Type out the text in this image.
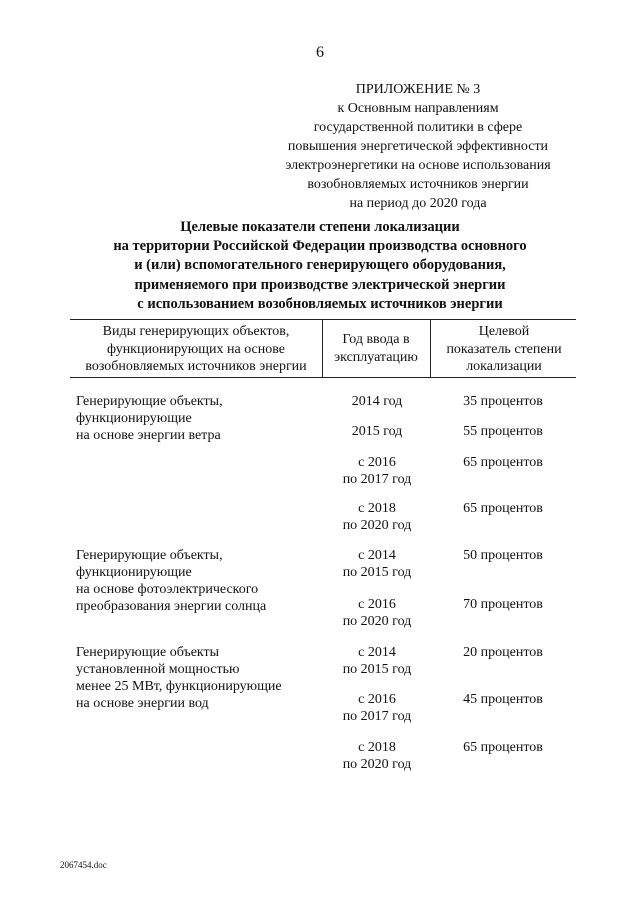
6
ПРИЛОЖЕНИЕ № 3
к Основным направлениям
государственной политики в сфере
повышения энергетической эффективности
электроэнергетики на основе использования
возобновляемых источников энергии
на период до 2020 года
Целевые показатели степени локализации
на территории Российской Федерации производства основного
и (или) вспомогательного генерирующего оборудования,
применяемого при производстве электрической энергии
с использованием возобновляемых источников энергии
Виды генерирующих объектов,
функционирующих на основе
возобновляемых источников энергии
Год ввода в
эксплуатацию
Целевой
показатель степени
локализации
Генерирующие объекты,
функционирующие
на основе энергии ветра
2014 год	35 процентов
2015 год	55 процентов
с 2016
по 2017 год
65 процентов
с 2018
по 2020 год
65 процентов
Генерирующие объекты,
функционирующие
на основе фотоэлектрического
преобразования энергии солнца
с 2014
по 2015 год
50 процентов
с 2016
по 2020 год
70 процентов
Генерирующие объекты
установленной мощностью
менее 25 МВт, функционирующие
на основе энергии вод
с 2014
по 2015 год
20 процентов
с 2016
по 2017 год
45 процентов
с 2018
по 2020 год
65 процентов
2067454.doc
